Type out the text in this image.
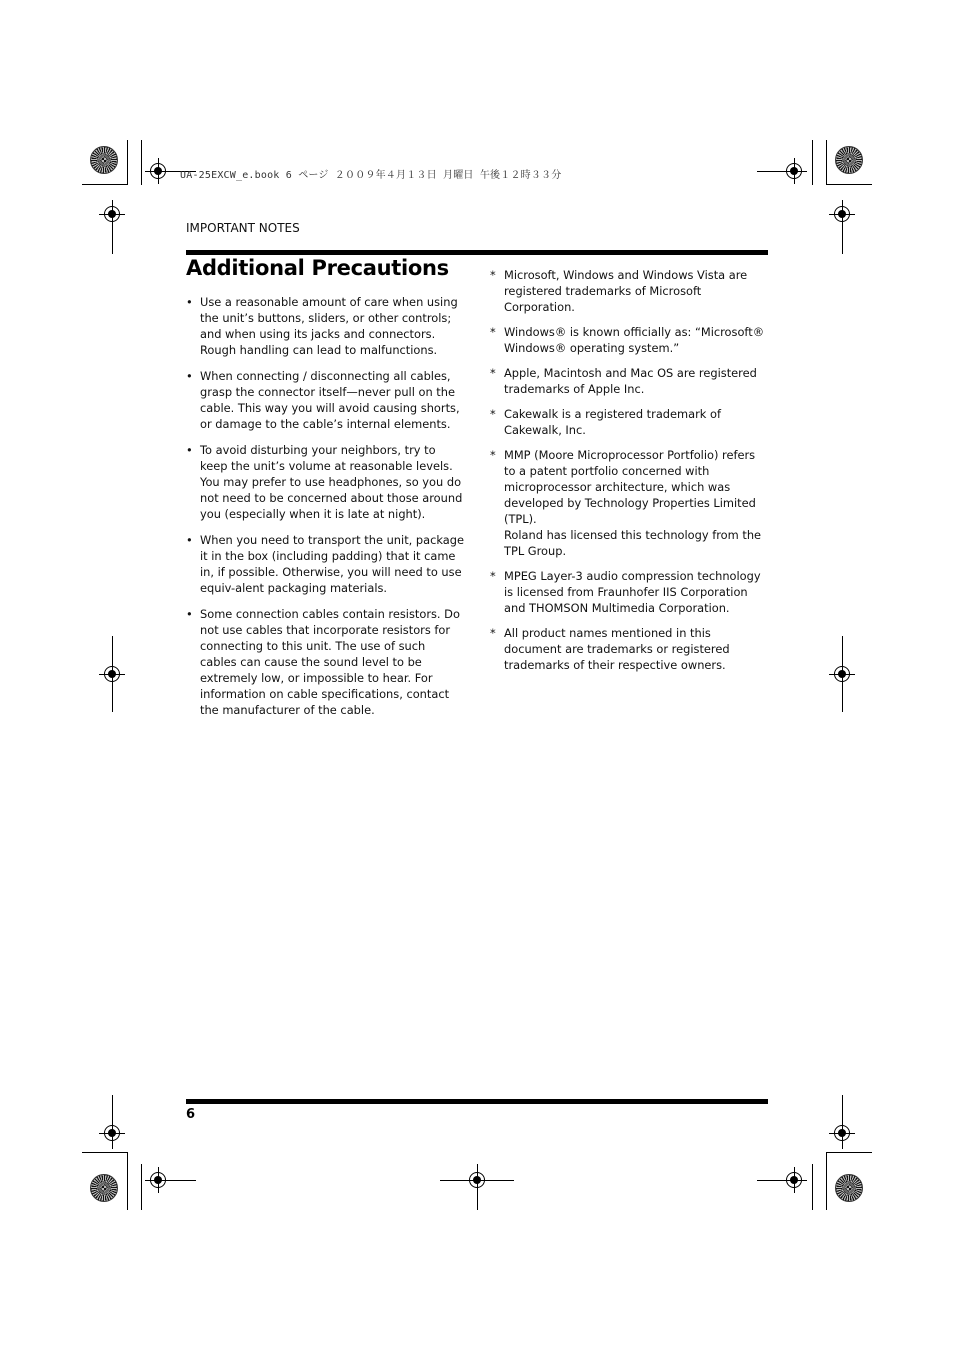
UA-25EXCW_e.book 6 ページ ２００９年４月１３日 月曜日 午後１２時３３分
IMPORTANT NOTES
Additional Precautions
• Use a reasonable amount of care when using the unit’s buttons, sliders, or other controls; and when using its jacks and connectors. Rough handling can lead to malfunctions.
• When connecting / disconnecting all cables, grasp the connector itself—never pull on the cable. This way you will avoid causing shorts, or damage to the cable’s internal elements.
• To avoid disturbing your neighbors, try to keep the unit’s volume at reasonable levels. You may prefer to use headphones, so you do not need to be concerned about those around you (especially when it is late at night).
• When you need to transport the unit, package it in the box (including padding) that it came in, if possible. Otherwise, you will need to use equiv-alent packaging materials.
• Some connection cables contain resistors. Do not use cables that incorporate resistors for connecting to this unit. The use of such cables can cause the sound level to be extremely low, or impossible to hear. For information on cable specifications, contact the manufacturer of the cable.
* Microsoft, Windows and Windows Vista are registered trademarks of Microsoft Corporation.
* Windows® is known officially as: “Microsoft® Windows® operating system.”
* Apple, Macintosh and Mac OS are registered trademarks of Apple Inc.
* Cakewalk is a registered trademark of Cakewalk, Inc.
* MMP (Moore Microprocessor Portfolio) refers to a patent portfolio concerned with microprocessor architecture, which was developed by Technology Properties Limited (TPL).
Roland has licensed this technology from the TPL Group.
* MPEG Layer-3 audio compression technology is licensed from Fraunhofer IIS Corporation and THOMSON Multimedia Corporation.
* All product names mentioned in this document are trademarks or registered trademarks of their respective owners.
6
